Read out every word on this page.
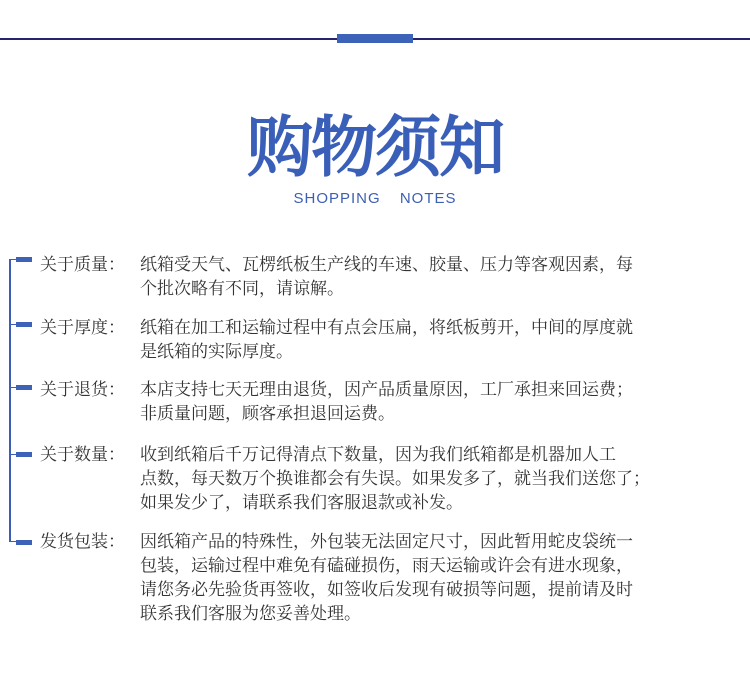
购物须知
SHOPPING NOTES
关于质量： 纸箱受天气、瓦楞纸板生产线的车速、胶量、压力等客观因素，每
个批次略有不同，请谅解。
关于厚度： 纸箱在加工和运输过程中有点会压扁，将纸板剪开，中间的厚度就
是纸箱的实际厚度。
关于退货： 本店支持七天无理由退货，因产品质量原因，工厂承担来回运费；
非质量问题，顾客承担退回运费。
关于数量： 收到纸箱后千万记得清点下数量，因为我们纸箱都是机器加人工
点数，每天数万个换谁都会有失误。如果发多了，就当我们送您了；
如果发少了，请联系我们客服退款或补发。
发货包装： 因纸箱产品的特殊性，外包装无法固定尺寸，因此暂用蛇皮袋统一
包装，运输过程中难免有磕碰损伤，雨天运输或许会有进水现象，
请您务必先验货再签收，如签收后发现有破损等问题，提前请及时
联系我们客服为您妥善处理。
